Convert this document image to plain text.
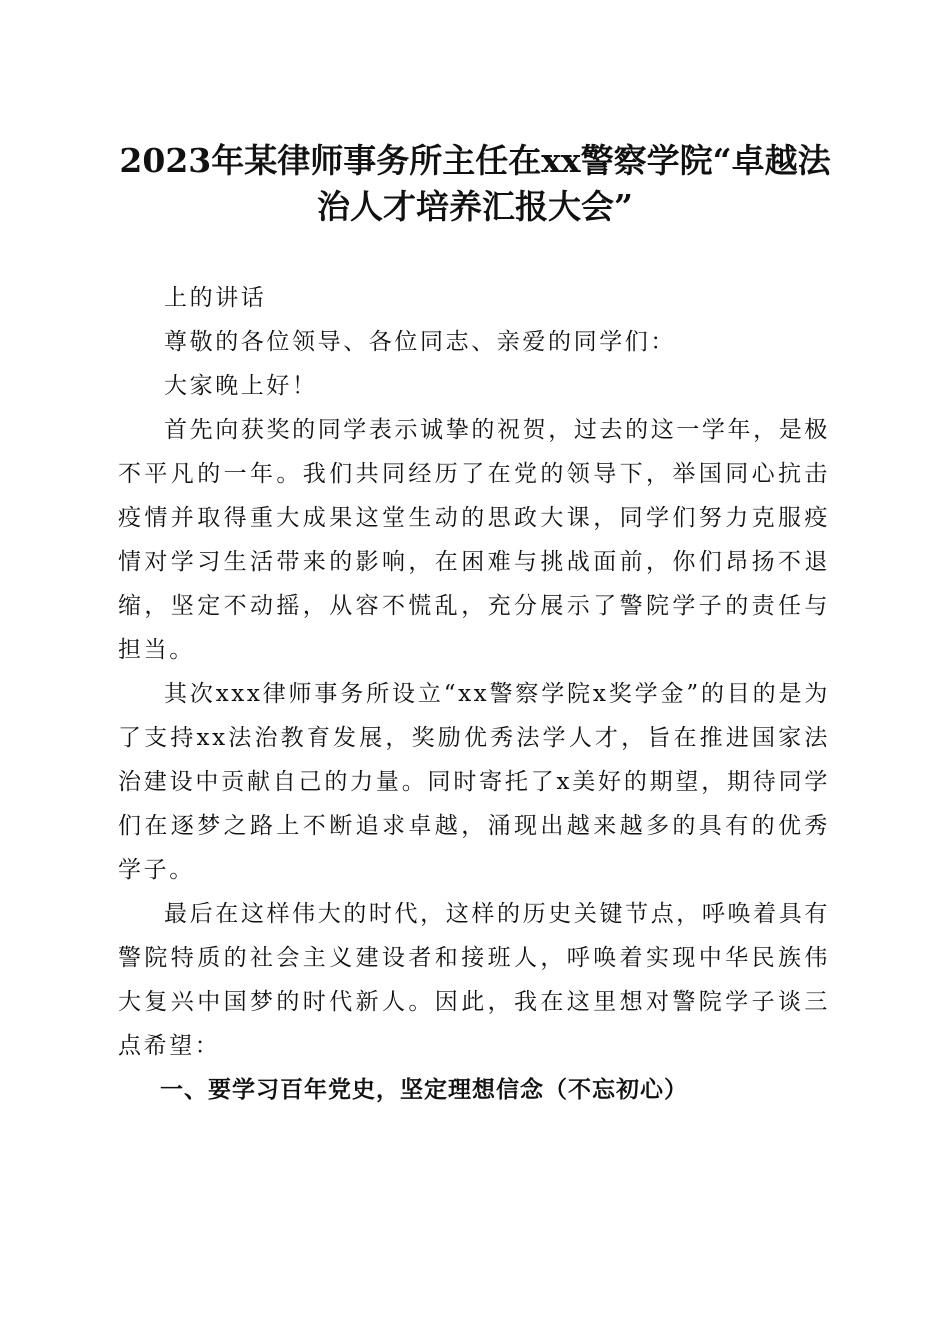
2023年某律师事务所主任在xx警察学院“卓越法治人才培养汇报大会”

上的讲话

尊敬的各位领导、各位同志、亲爱的同学们：

大家晚上好！

首先向获奖的同学表示诚挚的祝贺，过去的这一学年，是极不平凡的一年。我们共同经历了在党的领导下，举国同心抗击疫情并取得重大成果这堂生动的思政大课，同学们努力克服疫情对学习生活带来的影响，在困难与挑战面前，你们昂扬不退缩，坚定不动摇，从容不慌乱，充分展示了警院学子的责任与担当。

其次xxx律师事务所设立“xx警察学院x奖学金”的目的是为了支持xx法治教育发展，奖励优秀法学人才，旨在推进国家法治建设中贡献自己的力量。同时寄托了x美好的期望，期待同学们在逐梦之路上不断追求卓越，涌现出越来越多的具有的优秀学子。

最后在这样伟大的时代，这样的历史关键节点，呼唤着具有警院特质的社会主义建设者和接班人，呼唤着实现中华民族伟大复兴中国梦的时代新人。因此，我在这里想对警院学子谈三点希望：

一、要学习百年党史，坚定理想信念（不忘初心）
